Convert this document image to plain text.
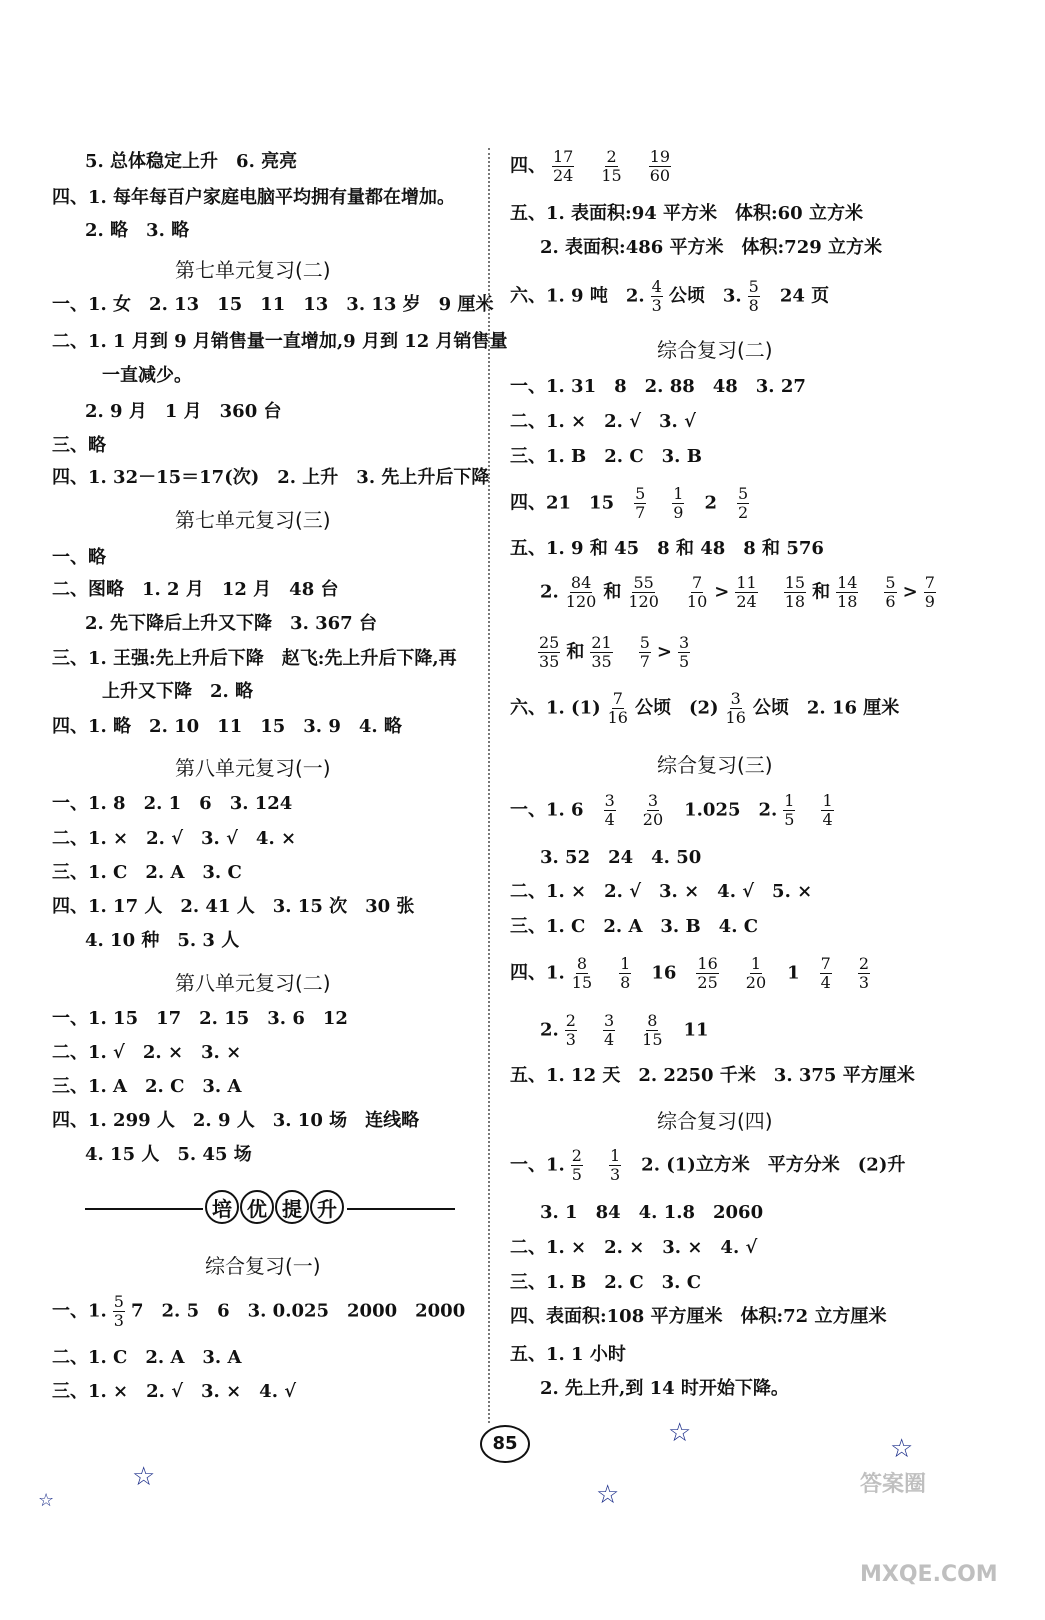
5. 总体稳定上升　6. 亮亮
四、1. 每年每百户家庭电脑平均拥有量都在增加。
2. 略　3. 略
第七单元复习(二)
一、1. 女　2. 13　15　11　13　3. 13 岁　9 厘米
二、1. 1 月到 9 月销售量一直增加,9 月到 12 月销售量
一直减少。
2. 9 月　1 月　360 台
三、略
四、1. 32－15＝17(次)　2. 上升　3. 先上升后下降
第七单元复习(三)
一、略
二、图略　1. 2 月　12 月　48 台
2. 先下降后上升又下降　3. 367 台
三、1. 王强:先上升后下降　赵飞:先上升后下降,再
上升又下降　2. 略
四、1. 略　2. 10　11　15　3. 9　4. 略
第八单元复习(一)
一、1. 8　2. 1　6　3. 124
二、1. ×　2. √　3. √　4. ×
三、1. C　2. A　3. C
四、1. 17 人　2. 41 人　3. 15 次　30 张
4. 10 种　5. 3 人
第八单元复习(二)
一、1. 15　17　2. 15　3. 6　12
二、1. √　2. ×　3. ×
三、1. A　2. C　3. A
四、1. 299 人　2. 9 人　3. 10 场　连线略
4. 15 人　5. 45 场
培 优 提 升
综合复习(一)
一、1. $\frac{5}{3} 7$　2. 5　6　3. 0.025　2000　2000
二、1. C　2. A　3. A
三、1. ×　2. √　3. ×　4. √
四、 $\frac{17}{24} \frac{2}{15} \frac{19}{60}$
五、1. 表面积:94 平方米　体积:60 立方米
2. 表面积:486 平方米　体积:729 立方米
六、1. 9 吨　2. $\frac{4}{3}$ 公顷　3. $\frac{5}{8} 24$ 页
综合复习(二)
一、1. 31　8　2. 88　48　3. 27
二、1. ×　2. √　3. √
三、1. B　2. C　3. B
四、21　$15 \frac{5}{7} \frac{1}{9} 2 \frac{5}{2}$
五、1. 9 和 45　8 和 48　8 和 576
2. $\frac{84}{120}$ 和 $\frac{55}{120} \frac{7}{10} > \frac{11}{24} \frac{15}{18}$ 和 $\frac{14}{18} \frac{5}{6} > \frac{7}{9}$
$\frac{25}{35}$ 和 $\frac{21}{35} \frac{5}{7} > \frac{3}{5}$
六、1. $(1) \frac{7}{16}$ 公顷　$(2) \frac{3}{16}$ 公顷　2. 16 厘米
综合复习(三)
一、1. $6 \frac{3}{4} \frac{3}{20} 1.025$　2. $\frac{1}{5} \frac{1}{4}$
3. 52　24　4. 50
二、1. ×　2. √　3. ×　4. √　5. ×
三、1. C　2. A　3. B　4. C
四、1. $\frac{8}{15} \frac{1}{8} 16 \frac{16}{25} \frac{1}{20} 1 \frac{7}{4} \frac{2}{3}$
2. $\frac{2}{3} \frac{3}{4} \frac{8}{15} 11$
五、1. 12 天　2. 2250 千米　3. 375 平方厘米
综合复习(四)
一、1. $\frac{2}{5} \frac{1}{3} 2$. (1)立方米　平方分米　(2)升
3. 1　84　4. 1.8　2060
二、1. ×　2. ×　3. ×　4. √
三、1. B　2. C　3. C
四、表面积:108 平方厘米　体积:72 立方厘米
五、1. 1 小时
2. 先上升,到 14 时开始下降。
85	☆
☆
☆
☆
☆
答案圈 MXQE.COM
